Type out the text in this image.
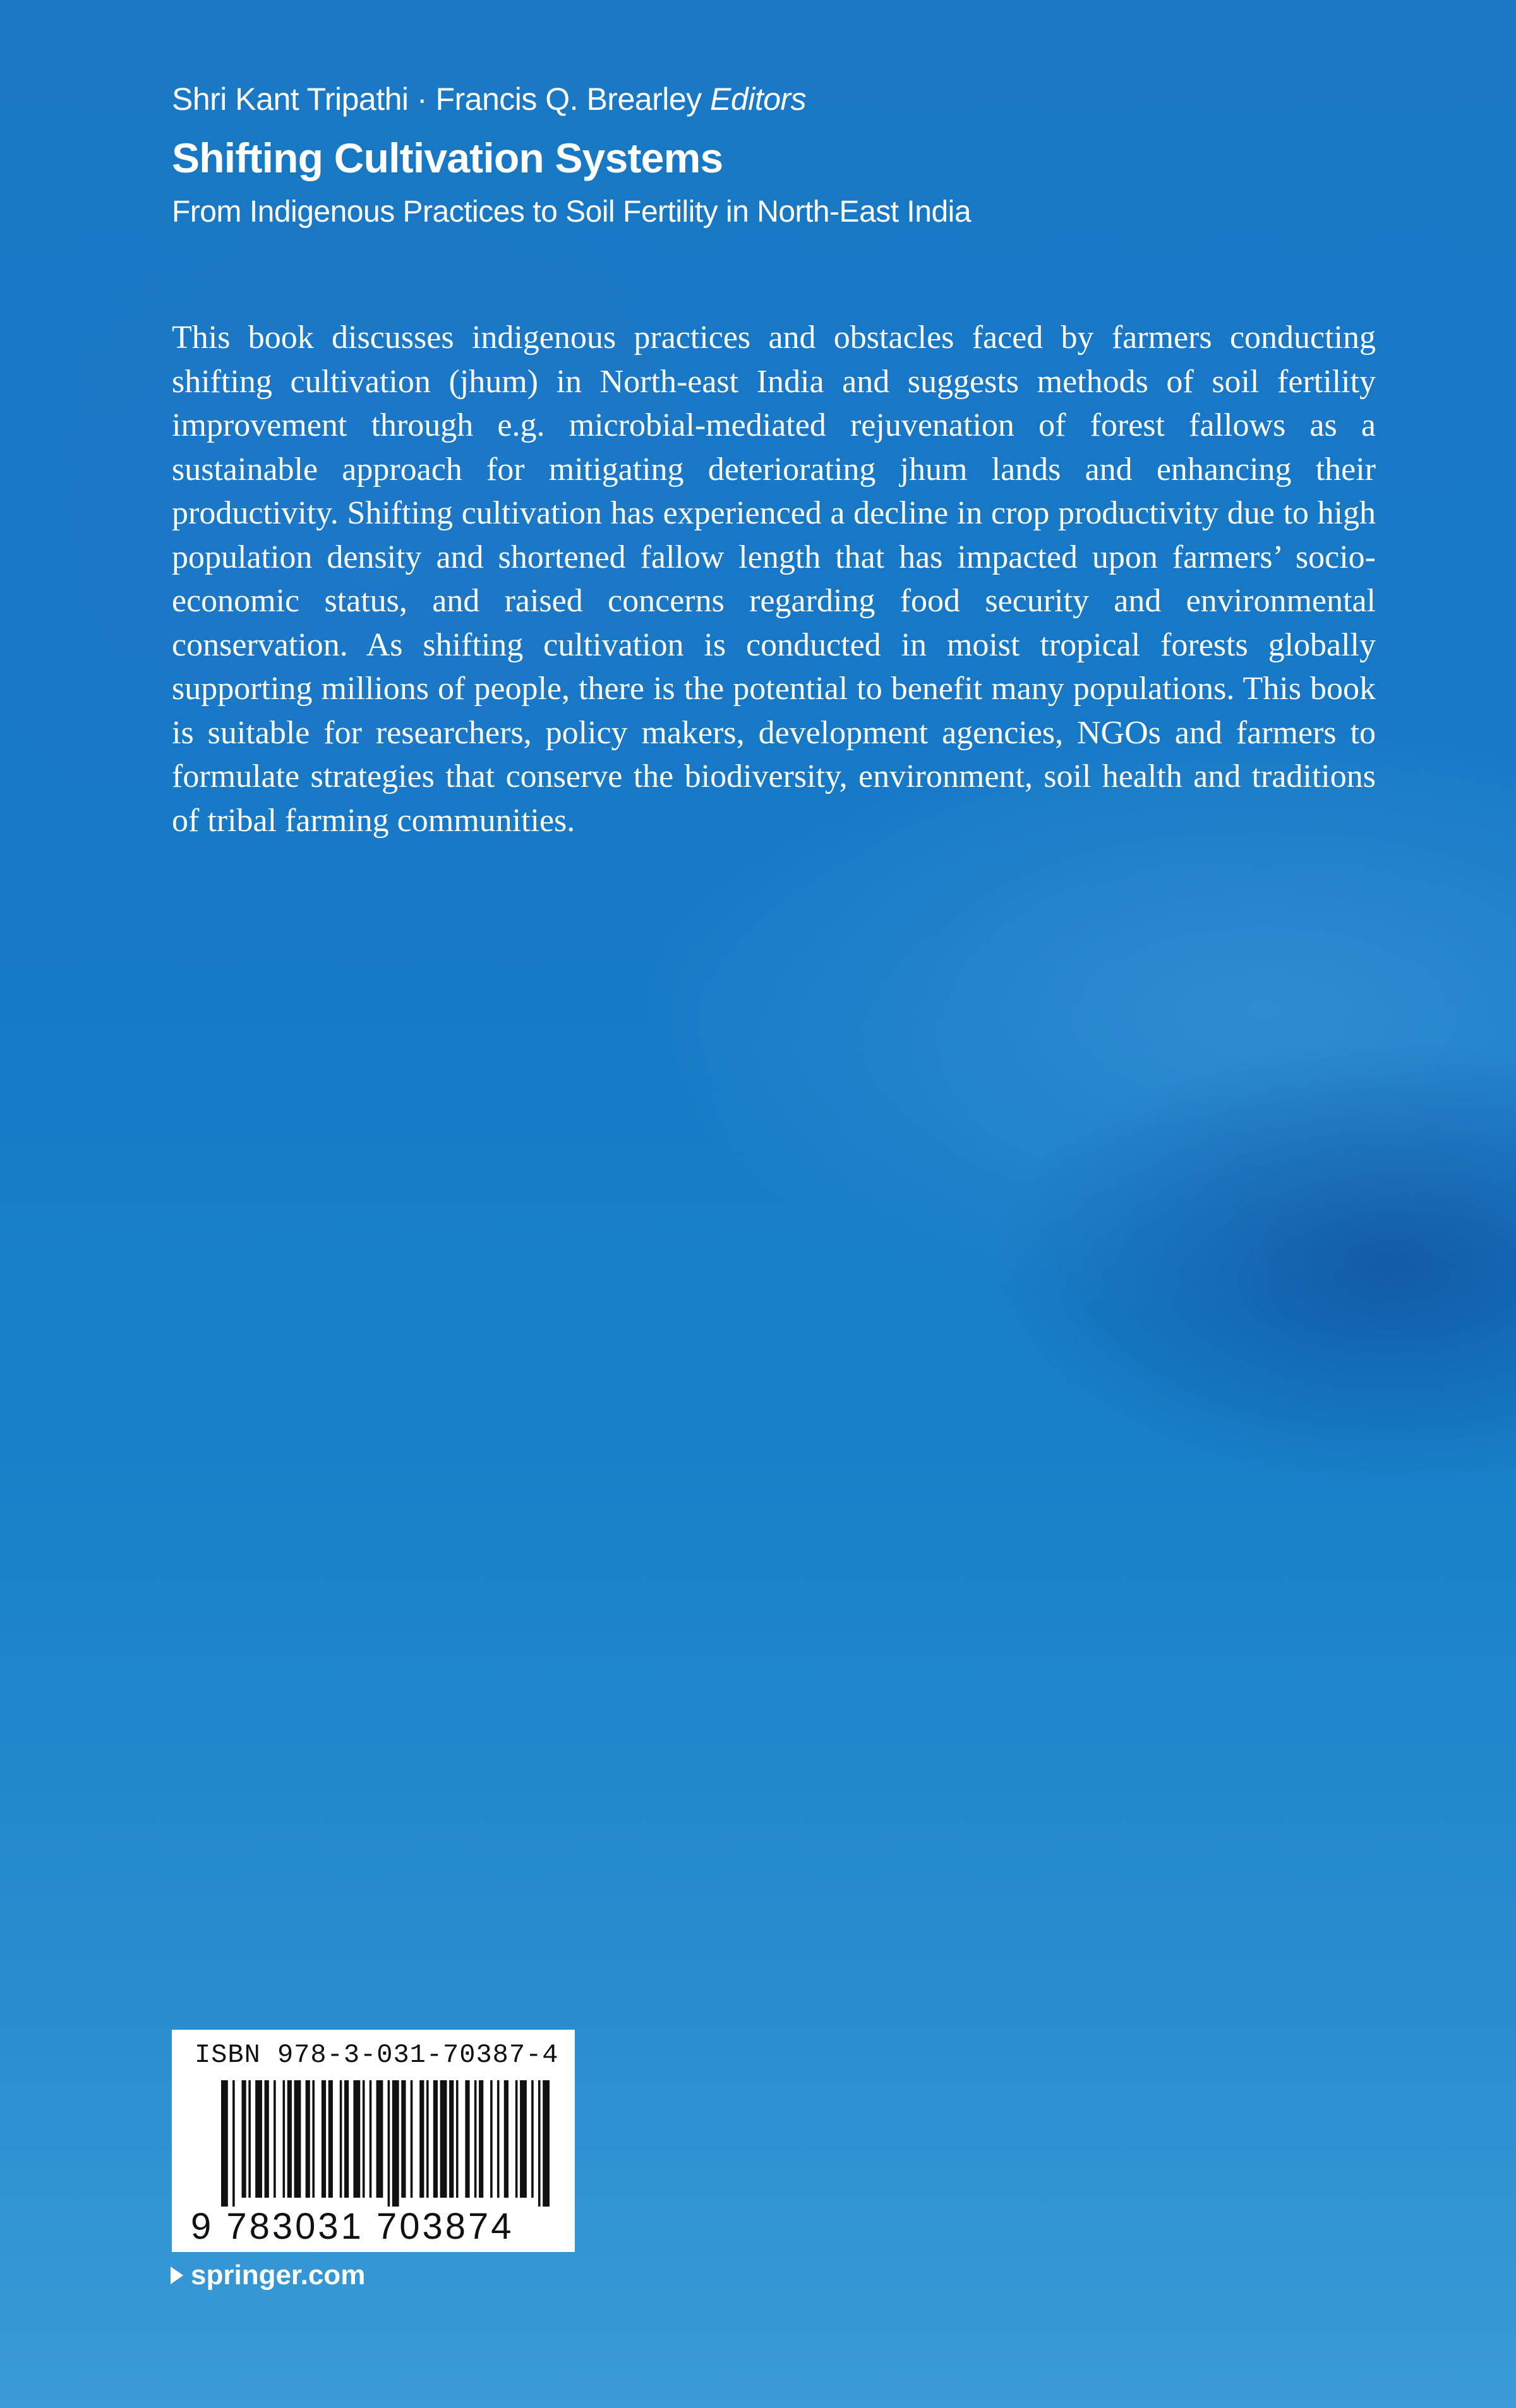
Shri Kant Tripathi · Francis Q. Brearley Editors
Shifting Cultivation Systems
From Indigenous Practices to Soil Fertility in North-East India

This book discusses indigenous practices and obstacles faced by farmers conducting shifting cultivation (jhum) in North-east India and suggests methods of soil fertility improvement through e.g. microbial-mediated rejuvenation of forest fallows as a sustainable approach for mitigating deteriorating jhum lands and enhancing their productivity. Shifting cultivation has experienced a decline in crop productivity due to high population density and shortened fallow length that has impacted upon farmers’ socio-economic status, and raised concerns regarding food security and environmental conservation. As shifting cultivation is conducted in moist tropical forests globally supporting millions of people, there is the potential to benefit many populations. This book is suitable for researchers, policy makers, development agencies, NGOs and farmers to formulate strategies that conserve the biodiversity, environment, soil health and traditions of tribal farming communities.

ISBN 978-3-031-70387-4
9 783031 703874
springer.com
